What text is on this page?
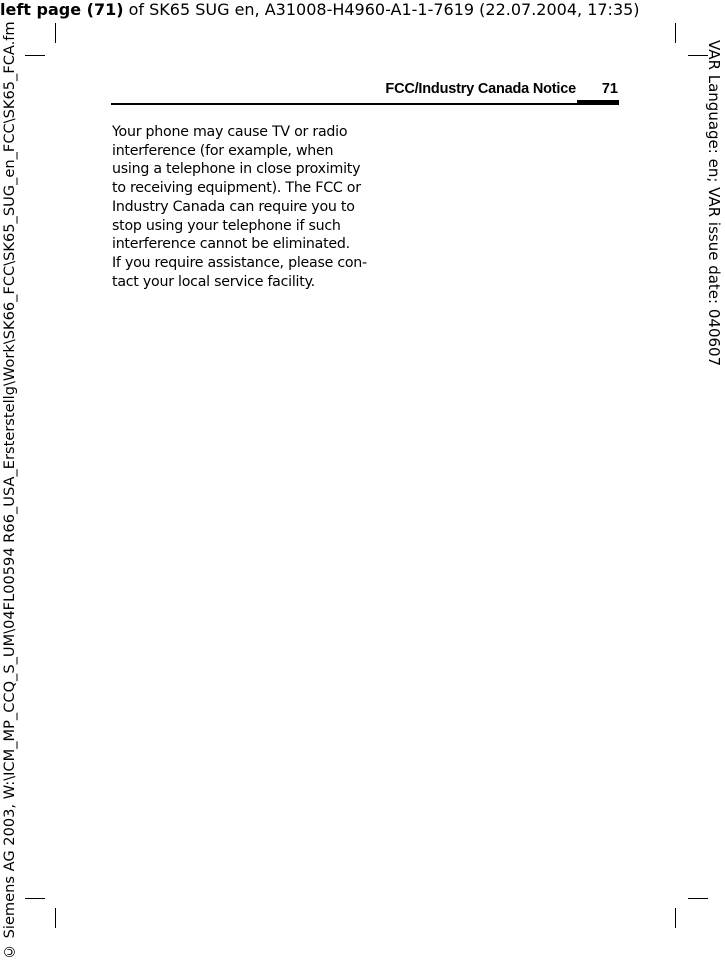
left page (71) of SK65 SUG en, A31008-H4960-A1-1-7619 (22.07.2004, 17:35)
FCC/Industry Canada Notice	71

Your phone may cause TV or radio

interference (for example, when

using a telephone in close proximity

to receiving equipment). The FCC or

Industry Canada can require you to

stop using your telephone if such

interference cannot be eliminated.

If you require assistance, please con-

tact your local service facility.	VAR Language: en; VAR issue date: 040607
© Siemens AG 2003, W:\ICM_MP_CCQ_S_UM\04FL00594 R66_USA_Ersterstellg\Work\SK66_FCC\SK65_SUG_en_FCC\SK65_FCA.fm
